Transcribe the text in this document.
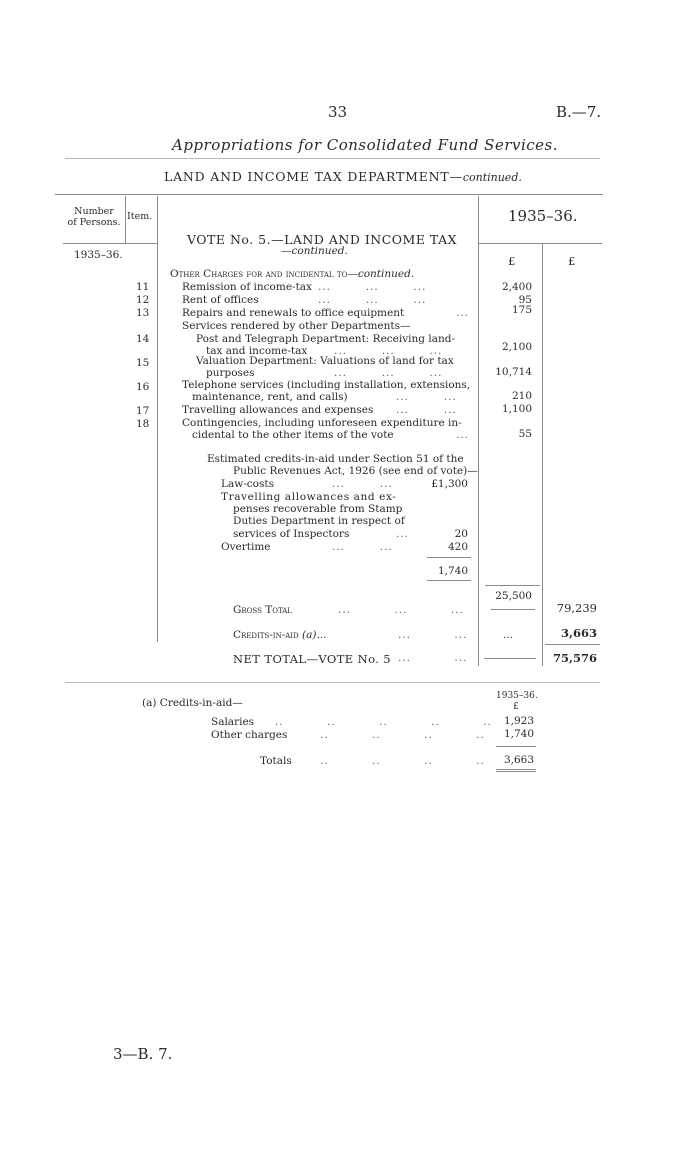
33	B.—7.
Appropriations for Consolidated Fund Services.
LAND AND INCOME TAX DEPARTMENT—continued.
Number
of Persons.
Item.	1935–36.
1935–36.
VOTE No. 5.—LAND AND INCOME TAX
—continued.
£	£
Other Charges for and incidental to—continued.
11	Remission of income-tax ...        ...        ...	2,400
12	Rent of offices	...        ...        ...	95
13	Repairs and renewals to office equipment	...	175
Services rendered by other Departments—
14	Post and Telegraph Department: Receiving land-
tax and income-tax	...        ...        ...	2,100
15	Valuation Department: Valuations of land for tax
purposes	...        ...        ...	10,714
16	Telephone services (including installation, extensions,
maintenance, rent, and calls)	...        ...	210
17	Travelling allowances and expenses ...        ...	1,100
18	Contingencies, including unforeseen expenditure in-
cidental to the other items of the vote	...	55
Estimated credits-in-aid under Section 51 of the
Public Revenues Act, 1926 (see end of vote)—
Law-costs	...        ...	£1,300
Travelling allowances and ex-
penses recoverable from Stamp
Duties Department in respect of
services of Inspectors	...	20
Overtime	...        ...	420
1,740
25,500
Gross Total	...          ...          ...	79,239
Credits-in-aid (a)...	...          ...	...	3,663
NET TOTAL—VOTE No. 5 ...          ...	75,576
(a) Credits-in-aid—
1935–36.
£
Salaries ..          ..          ..          ..          ..	1,923
Other charges	..          ..          ..          ..	1,740
Totals	..          ..          ..          ..	3,663
3—B. 7.
